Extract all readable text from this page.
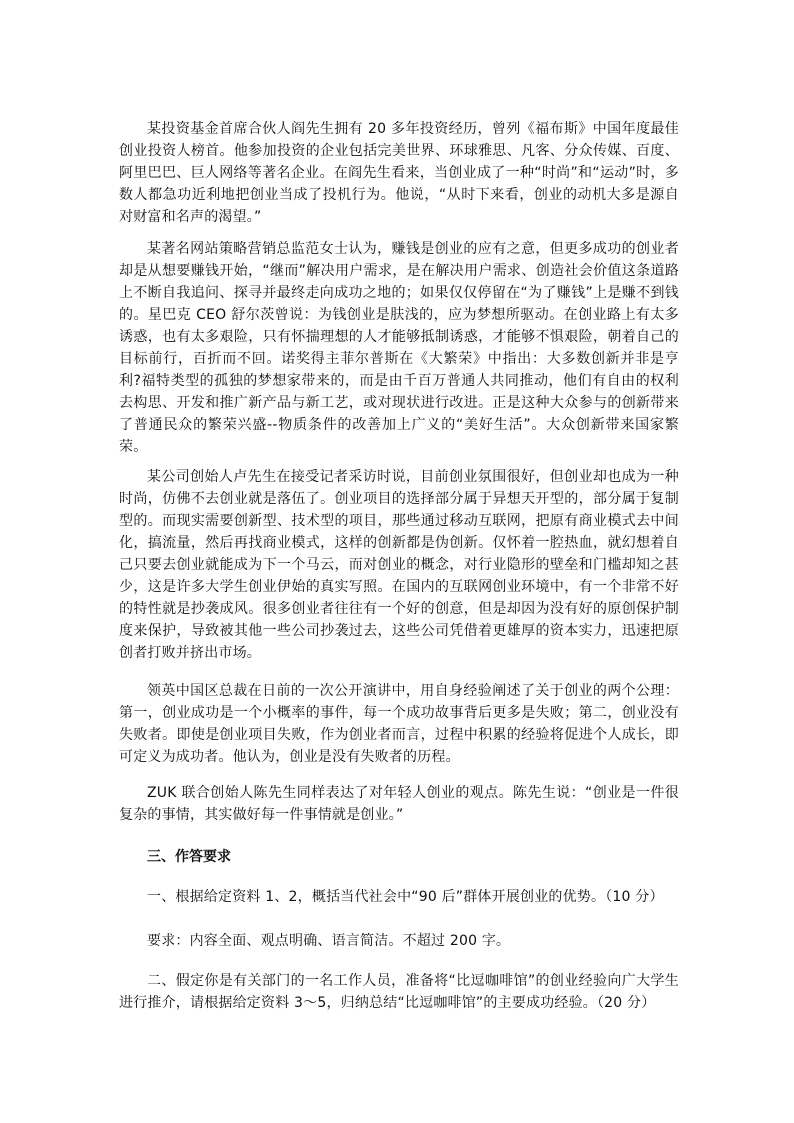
某投资基金首席合伙人阎先生拥有 20 多年投资经历，曾列《福布斯》中国年度最佳创业投资人榜首。他参加投资的企业包括完美世界、环球雅思、凡客、分众传媒、百度、阿里巴巴、巨人网络等著名企业。在阎先生看来，当创业成了一种“时尚”和“运动”时，多数人都急功近利地把创业当成了投机行为。他说，“从时下来看，创业的动机大多是源自对财富和名声的渴望。”

某著名网站策略营销总监范女士认为，赚钱是创业的应有之意，但更多成功的创业者却是从想要赚钱开始，“继而”解决用户需求，是在解决用户需求、创造社会价值这条道路上不断自我追问、探寻并最终走向成功之地的；如果仅仅停留在“为了赚钱”上是赚不到钱的。星巴克 CEO 舒尔茨曾说：为钱创业是肤浅的，应为梦想所驱动。在创业路上有太多诱惑，也有太多艰险，只有怀揣理想的人才能够抵制诱惑，才能够不惧艰险，朝着自己的目标前行，百折而不回。诺奖得主菲尔普斯在《大繁荣》中指出：大多数创新并非是亨利?福特类型的孤独的梦想家带来的，而是由千百万普通人共同推动，他们有自由的权利去构思、开发和推广新产品与新工艺，或对现状进行改进。正是这种大众参与的创新带来了普通民众的繁荣兴盛--物质条件的改善加上广义的“美好生活”。大众创新带来国家繁荣。

某公司创始人卢先生在接受记者采访时说，目前创业氛围很好，但创业却也成为一种时尚，仿佛不去创业就是落伍了。创业项目的选择部分属于异想天开型的，部分属于复制型的。而现实需要创新型、技术型的项目，那些通过移动互联网，把原有商业模式去中间化，搞流量，然后再找商业模式，这样的创新都是伪创新。仅怀着一腔热血，就幻想着自己只要去创业就能成为下一个马云，而对创业的概念，对行业隐形的壁垒和门槛却知之甚少，这是许多大学生创业伊始的真实写照。在国内的互联网创业环境中，有一个非常不好的特性就是抄袭成风。很多创业者往往有一个好的创意，但是却因为没有好的原创保护制度来保护，导致被其他一些公司抄袭过去，这些公司凭借着更雄厚的资本实力，迅速把原创者打败并挤出市场。

领英中国区总裁在日前的一次公开演讲中，用自身经验阐述了关于创业的两个公理：第一，创业成功是一个小概率的事件，每一个成功故事背后更多是失败；第二，创业没有失败者。即使是创业项目失败，作为创业者而言，过程中积累的经验将促进个人成长，即可定义为成功者。他认为，创业是没有失败者的历程。

ZUK 联合创始人陈先生同样表达了对年轻人创业的观点。陈先生说：“创业是一件很复杂的事情，其实做好每一件事情就是创业。”

三、作答要求

一、根据给定资料 1、2，概括当代社会中“90 后”群体开展创业的优势。（10 分）

要求：内容全面、观点明确、语言简洁。不超过 200 字。

二、假定你是有关部门的一名工作人员，准备将“比逗咖啡馆”的创业经验向广大学生进行推介，请根据给定资料 3～5，归纳总结“比逗咖啡馆”的主要成功经验。（20 分）
